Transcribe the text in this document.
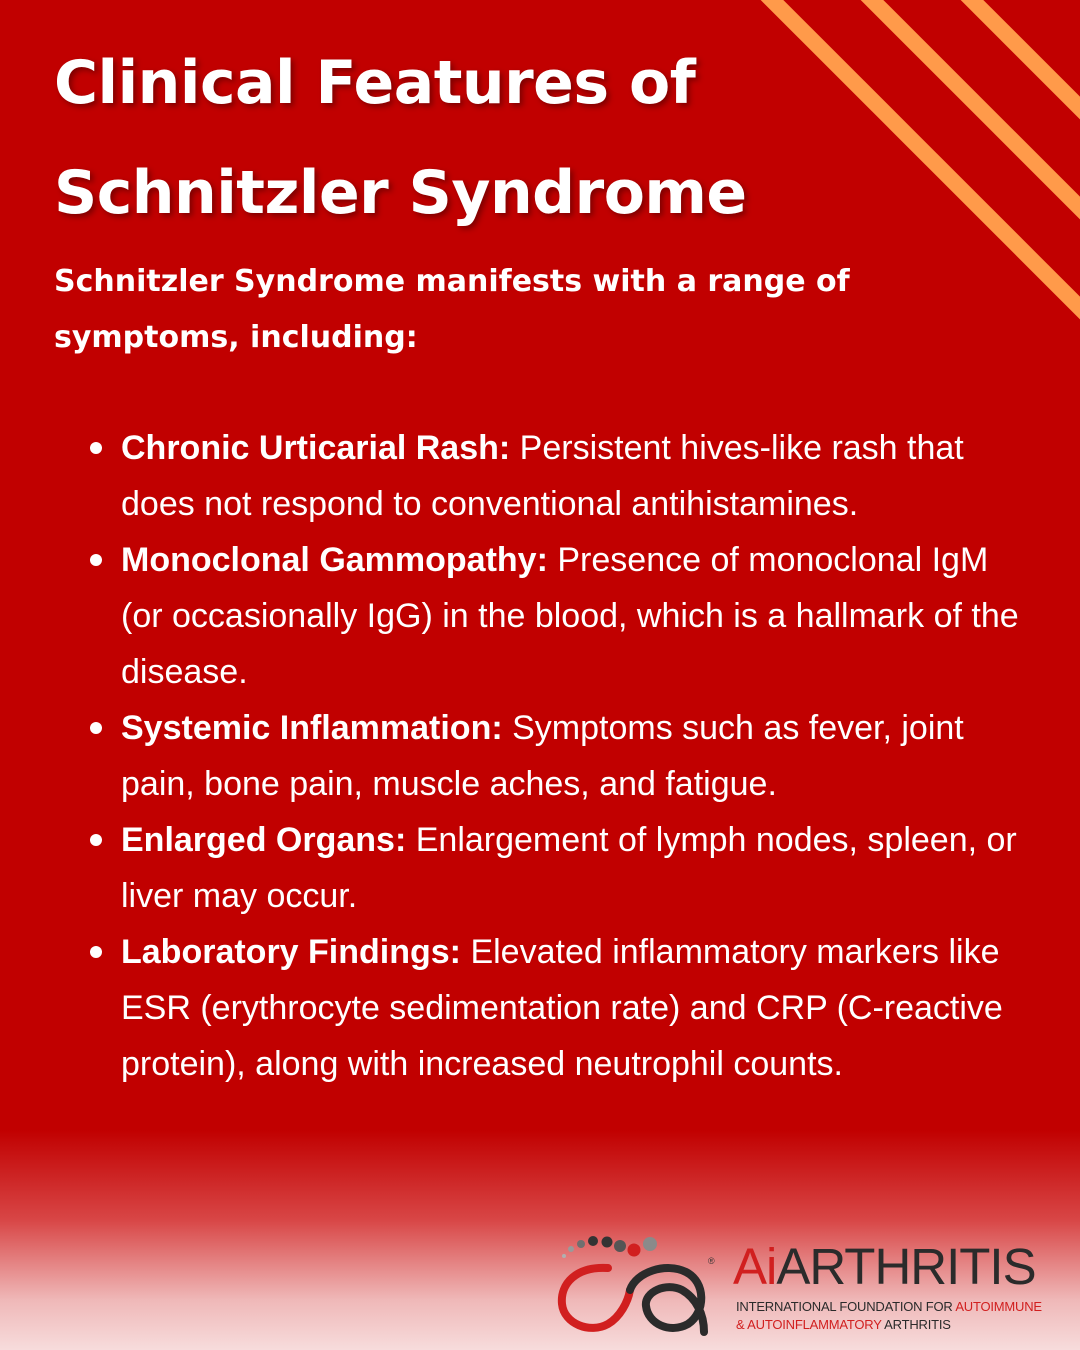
Clinical Features of Schnitzler Syndrome

Schnitzler Syndrome manifests with a range of symptoms, including:

Chronic Urticarial Rash: Persistent hives-like rash that does not respond to conventional antihistamines.
Monoclonal Gammopathy: Presence of monoclonal IgM (or occasionally IgG) in the blood, which is a hallmark of the disease.
Systemic Inflammation: Symptoms such as fever, joint pain, bone pain, muscle aches, and fatigue.
Enlarged Organs: Enlargement of lymph nodes, spleen, or liver may occur.
Laboratory Findings: Elevated inflammatory markers like ESR (erythrocyte sedimentation rate) and CRP (C-reactive protein), along with increased neutrophil counts.
® AiARTHRITIS
INTERNATIONAL FOUNDATION FOR AUTOIMMUNE
& AUTOINFLAMMATORY ARTHRITIS
